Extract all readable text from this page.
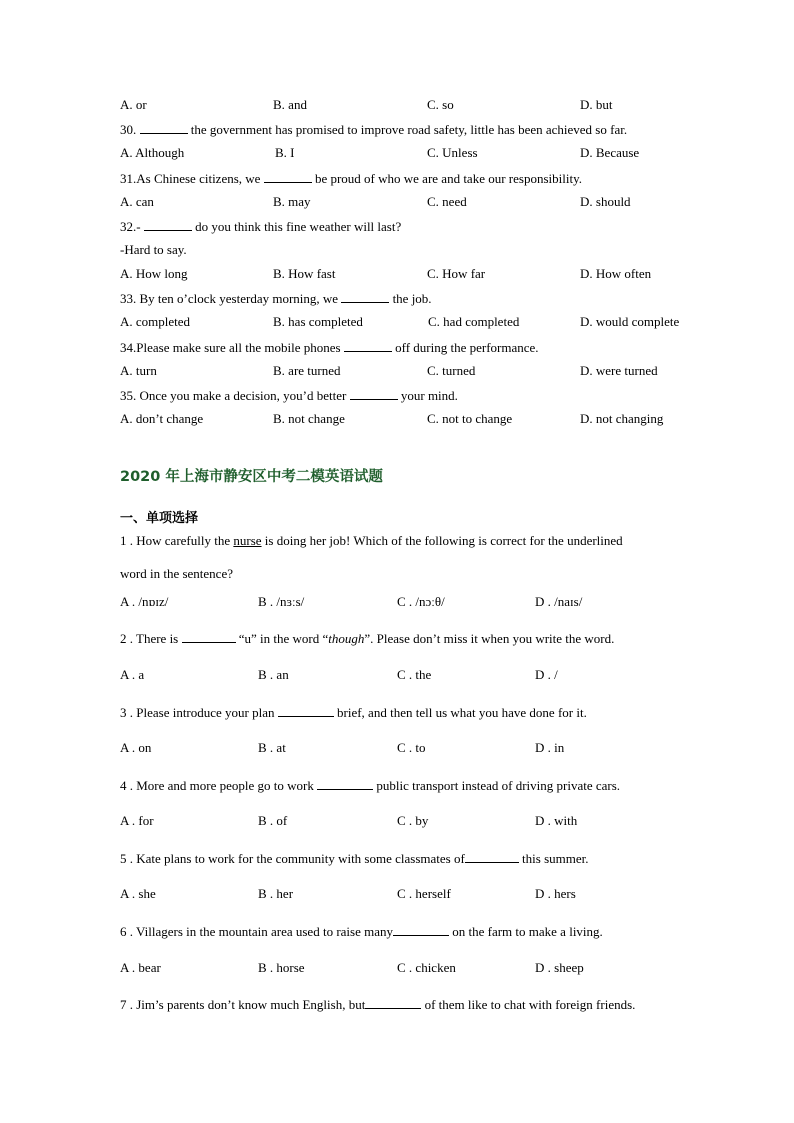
A. or	B. and	C. so	D. but
30.	the government has promised to improve road safety, little has been achieved so far.
A. Although	B. I	C. Unless	D. Because
31.As Chinese citizens, we	be proud of who we are and take our responsibility.
A. can	B. may	C. need	D. should
32.-	do you think this fine weather will last?
-Hard to say.
A. How long	B. How fast	C. How far	D. How often
33. By ten o’clock yesterday morning, we	the job.
A. completed	B. has completed	C. had completed	D. would complete
34.Please make sure all the mobile phones	off during the performance.
A. turn	B. are turned	C. turned	D. were turned
35. Once you make a decision, you’d better	your mind.
A. don’t change	B. not change	C. not to change	D. not changing
2020 年上海市静安区中考二模英语试题
一、单项选择
1 . How carefully the nurse is doing her job! Which of the following is correct for the underlined
word in the sentence?
A . /nɒɪz/	B . /nɜːs/	C . /nɔːθ/	D . /naɪs/
2 . There is	“u” in the word “though”. Please don’t miss it when you write the word.
A . a	B . an	C . the	D . /
3 . Please introduce your plan	brief, and then tell us what you have done for it.
A . on	B . at	C . to	D . in
4 . More and more people go to work	public transport instead of driving private cars.
A . for	B . of	C . by	D . with
5 . Kate plans to work for the community with some classmates of	this summer.
A . she	B . her	C . herself	D . hers
6 . Villagers in the mountain area used to raise many	on the farm to make a living.
A . bear	B . horse	C . chicken	D . sheep
7 . Jim’s parents don’t know much English, but	of them like to chat with foreign friends.
